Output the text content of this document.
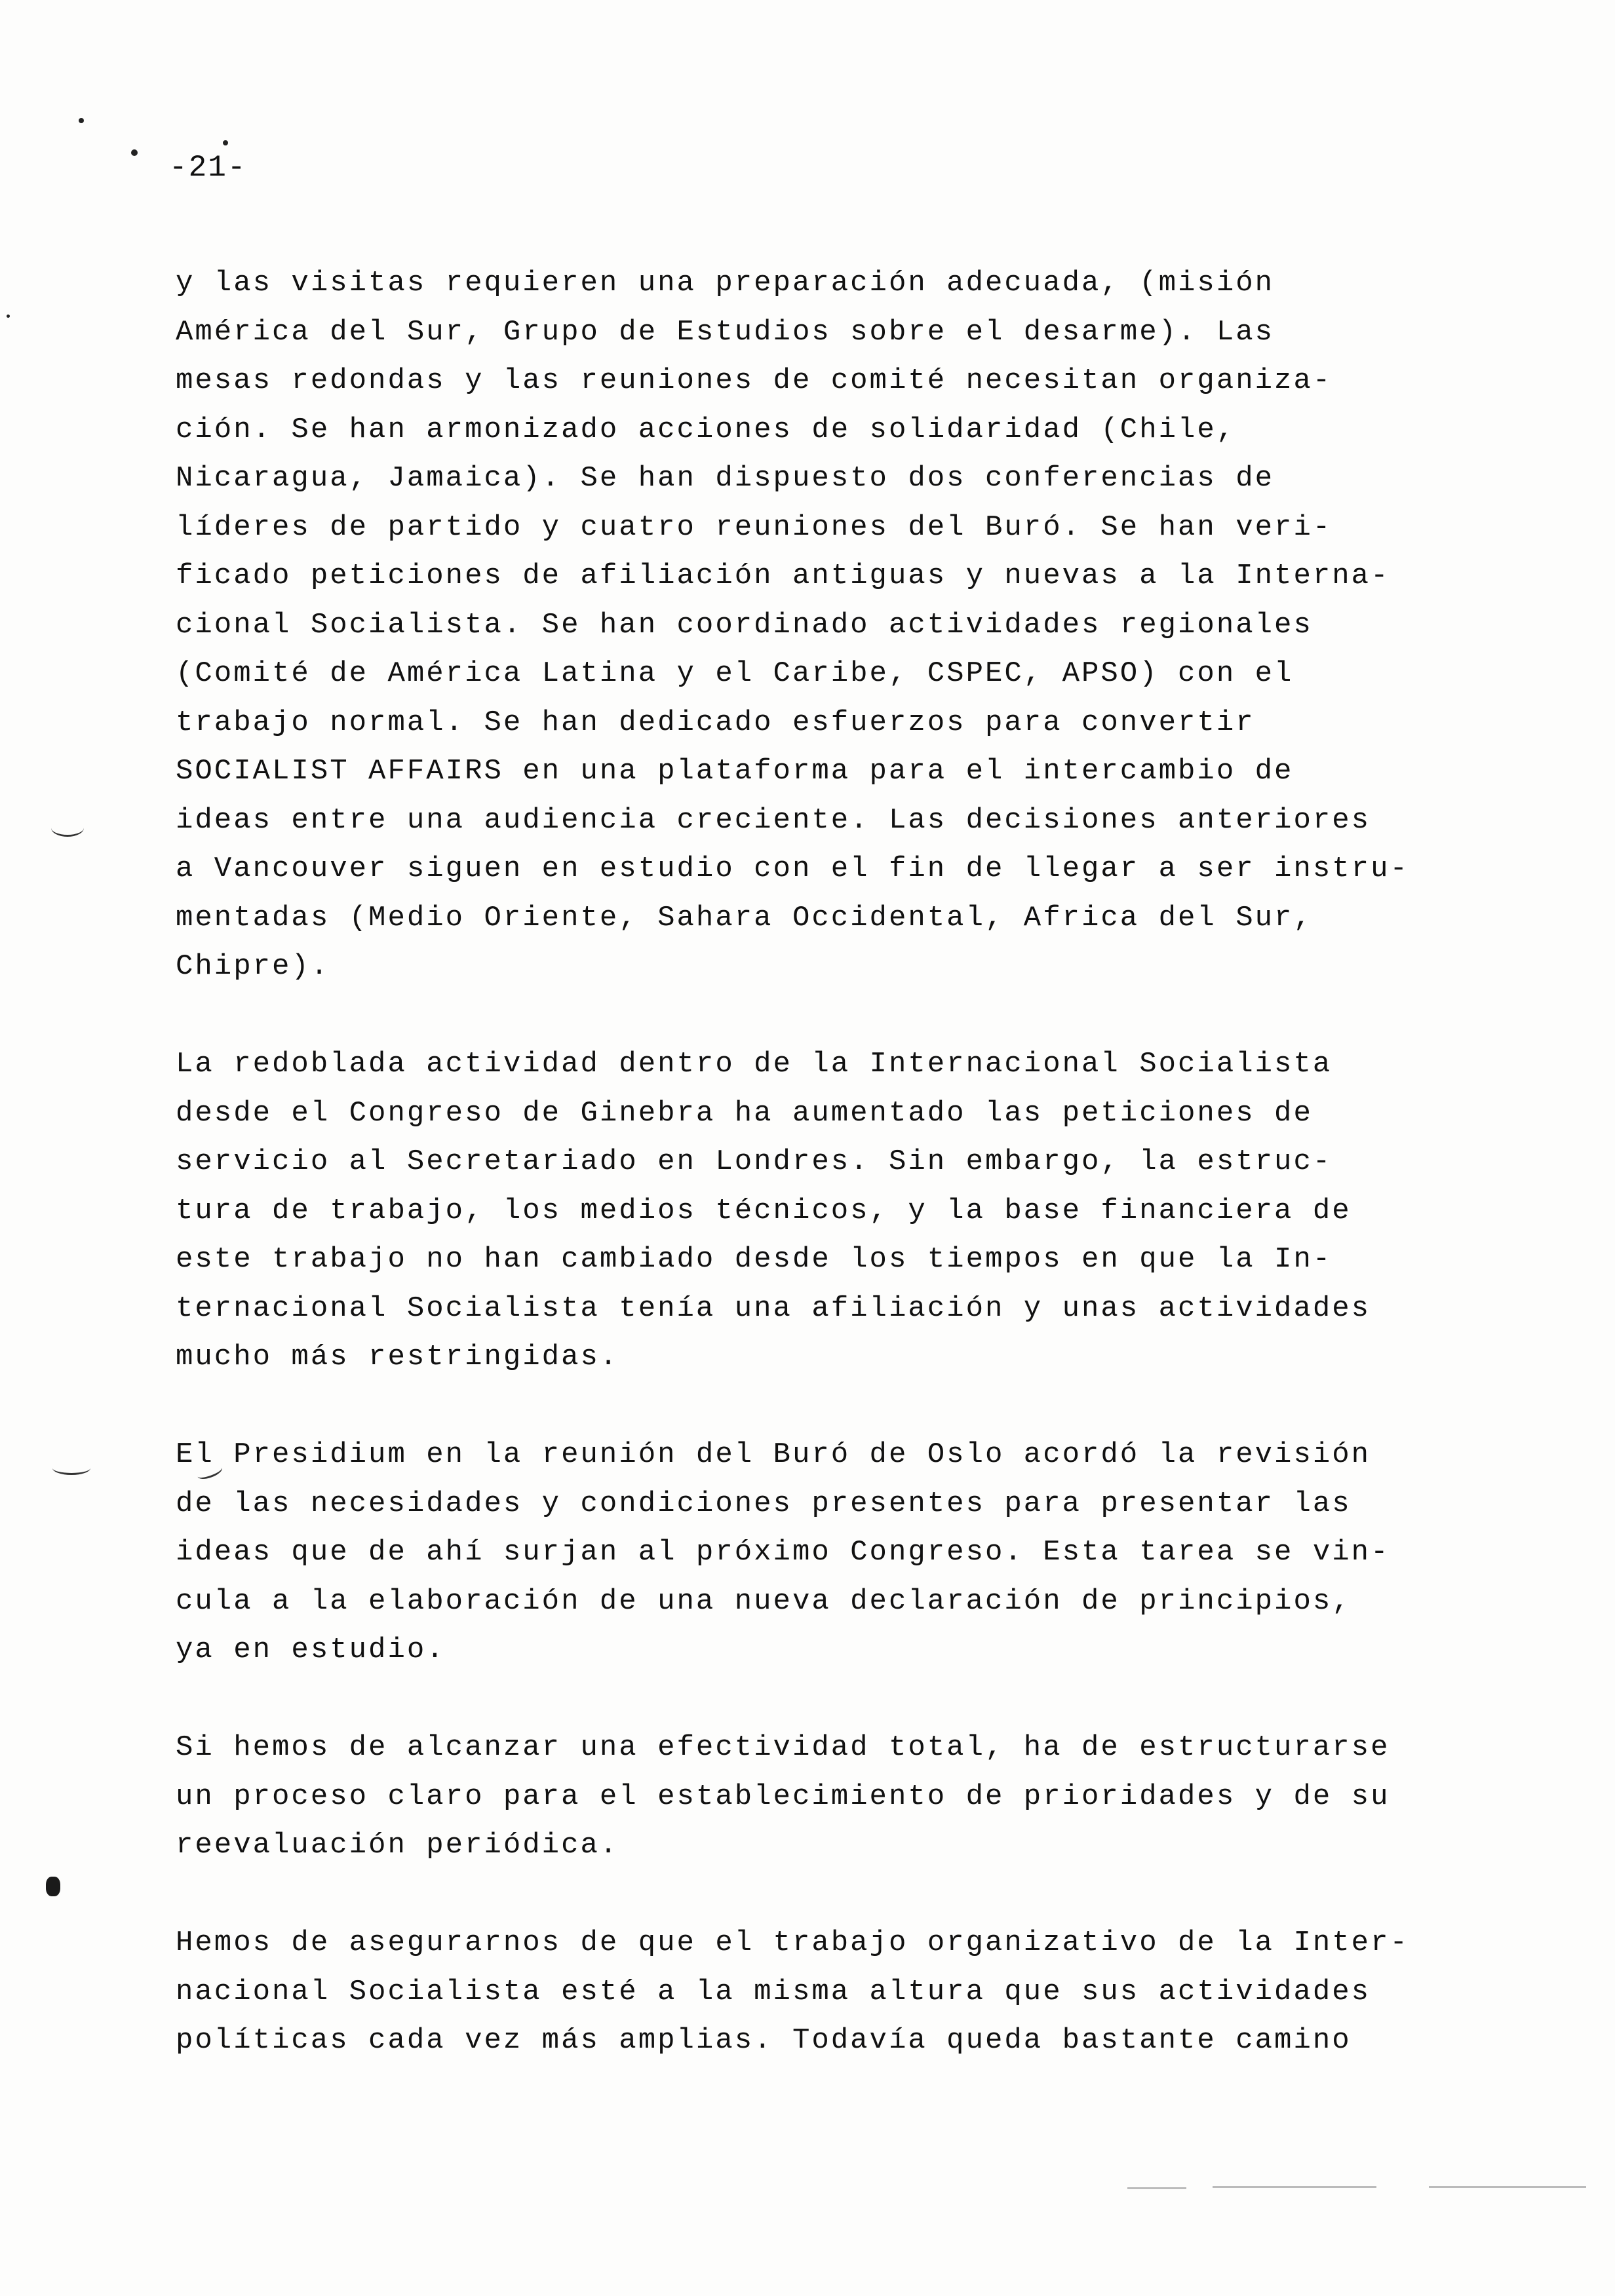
-21-

y las visitas requieren una preparación adecuada, (misión
América del Sur, Grupo de Estudios sobre el desarme). Las
mesas redondas y las reuniones de comité necesitan organiza-
ción. Se han armonizado acciones de solidaridad (Chile,
Nicaragua, Jamaica). Se han dispuesto dos conferencias de
líderes de partido y cuatro reuniones del Buró. Se han veri-
ficado peticiones de afiliación antiguas y nuevas a la Interna-
cional Socialista. Se han coordinado actividades regionales
(Comité de América Latina y el Caribe, CSPEC, APSO) con el
trabajo normal. Se han dedicado esfuerzos para convertir
SOCIALIST AFFAIRS en una plataforma para el intercambio de
ideas entre una audiencia creciente. Las decisiones anteriores
a Vancouver siguen en estudio con el fin de llegar a ser instru-
mentadas (Medio Oriente, Sahara Occidental, Africa del Sur,
Chipre).

La redoblada actividad dentro de la Internacional Socialista
desde el Congreso de Ginebra ha aumentado las peticiones de
servicio al Secretariado en Londres. Sin embargo, la estruc-
tura de trabajo, los medios técnicos, y la base financiera de
este trabajo no han cambiado desde los tiempos en que la In-
ternacional Socialista tenía una afiliación y unas actividades
mucho más restringidas.

El Presidium en la reunión del Buró de Oslo acordó la revisión
de las necesidades y condiciones presentes para presentar las
ideas que de ahí surjan al próximo Congreso. Esta tarea se vin-
cula a la elaboración de una nueva declaración de principios,
ya en estudio.

Si hemos de alcanzar una efectividad total, ha de estructurarse
un proceso claro para el establecimiento de prioridades y de su
reevaluación periódica.

Hemos de asegurarnos de que el trabajo organizativo de la Inter-
nacional Socialista esté a la misma altura que sus actividades
políticas cada vez más amplias. Todavía queda bastante camino
